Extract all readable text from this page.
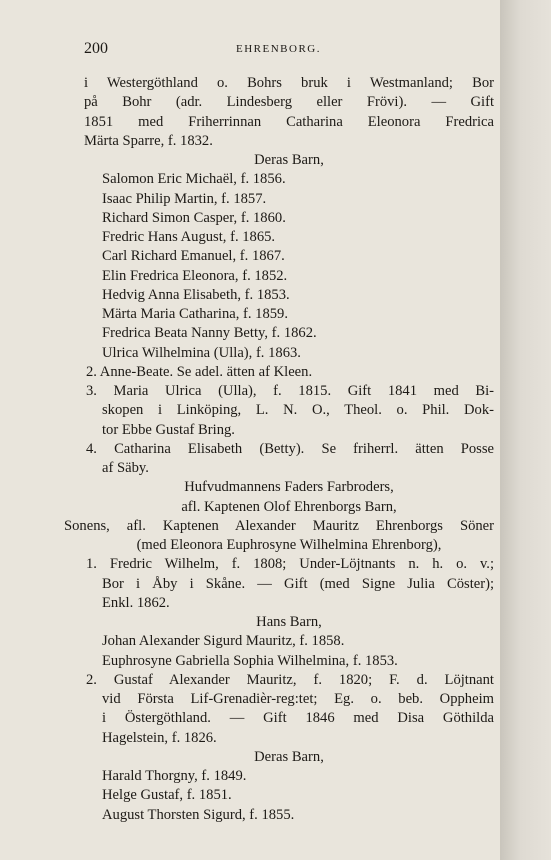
200	EHRENBORG.
i Westergöthland o. Bohrs bruk i Westmanland; Bor
på Bohr (adr. Lindesberg eller Frövi). — Gift
1851 med Friherrinnan Catharina Eleonora Fredrica
Märta Sparre, f. 1832.
Deras Barn,
Salomon Eric Michaël, f. 1856.
Isaac Philip Martin, f. 1857.
Richard Simon Casper, f. 1860.
Fredric Hans August, f. 1865.
Carl Richard Emanuel, f. 1867.
Elin Fredrica Eleonora, f. 1852.
Hedvig Anna Elisabeth, f. 1853.
Märta Maria Catharina, f. 1859.
Fredrica Beata Nanny Betty, f. 1862.
Ulrica Wilhelmina (Ulla), f. 1863.
2. Anne-Beate. Se adel. ätten af Kleen.
3. Maria Ulrica (Ulla), f. 1815. Gift 1841 med Bi-
skopen i Linköping, L. N. O., Theol. o. Phil. Dok-
tor Ebbe Gustaf Bring.
4. Catharina Elisabeth (Betty). Se friherrl. ätten Posse
af Säby.
Hufvudmannens Faders Farbroders,
afl. Kaptenen Olof Ehrenborgs Barn,
Sonens, afl. Kaptenen Alexander Mauritz Ehrenborgs Söner
(med Eleonora Euphrosyne Wilhelmina Ehrenborg),
1. Fredric Wilhelm, f. 1808; Under-Löjtnants n. h. o. v.;
Bor i Åby i Skåne. — Gift (med Signe Julia Cöster);
Enkl. 1862.
Hans Barn,
Johan Alexander Sigurd Mauritz, f. 1858.
Euphrosyne Gabriella Sophia Wilhelmina, f. 1853.
2. Gustaf Alexander Mauritz, f. 1820; F. d. Löjtnant
vid Första Lif-Grenadièr-reg:tet; Eg. o. beb. Oppheim
i Östergöthland. — Gift 1846 med Disa Göthilda
Hagelstein, f. 1826.
Deras Barn,
Harald Thorgny, f. 1849.
Helge Gustaf, f. 1851.
August Thorsten Sigurd, f. 1855.
